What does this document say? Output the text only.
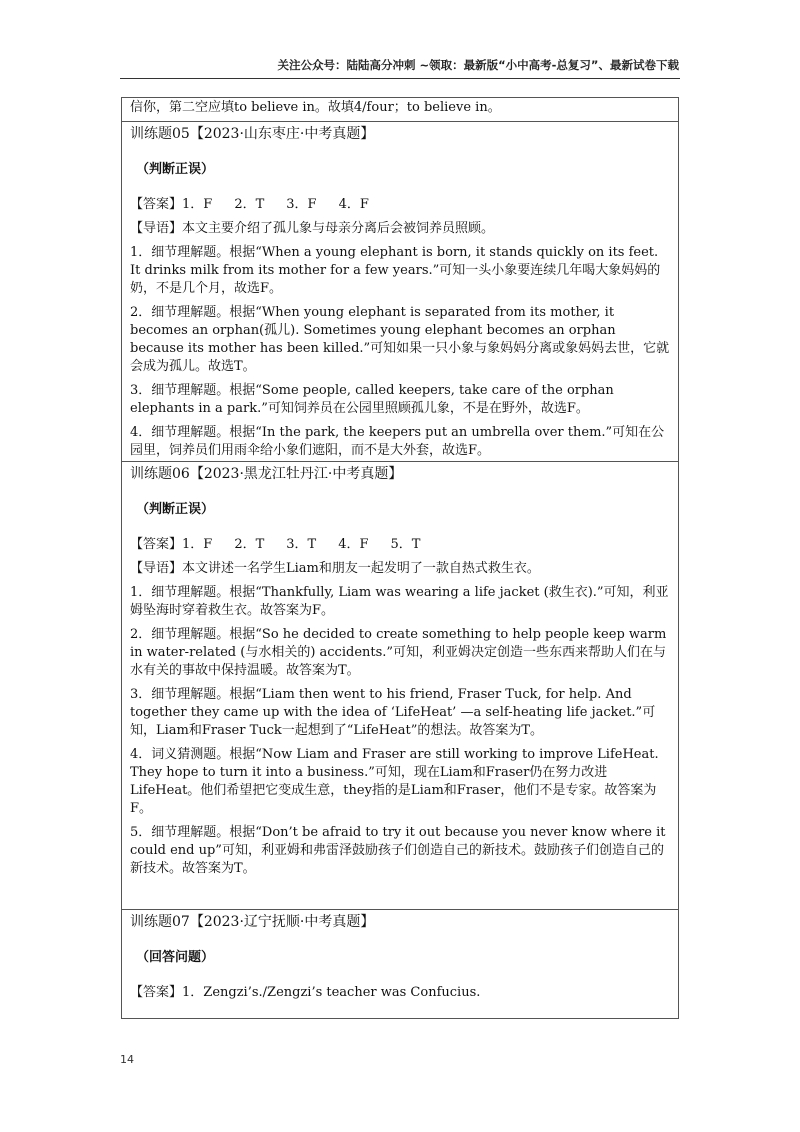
关注公众号：陆陆高分冲刺 ~领取：最新版“小中高考-总复习”、最新试卷下载

信你，第二空应填to believe in。故填4/four；to believe in。

训练题05【2023·山东枣庄·中考真题】
（判断正误）
【答案】1．F 2．T 3．F 4．F

【导语】本文主要介绍了孤儿象与母亲分离后会被饲养员照顾。

1．细节理解题。根据“When a young elephant is born, it stands quickly on its feet. It drinks milk from its mother for a few years.”可知一头小象要连续几年喝大象妈妈的奶，不是几个月，故选F。

2．细节理解题。根据“When young elephant is separated from its mother, it becomes an orphan(孤儿). Sometimes young elephant becomes an orphan because its mother has been killed.”可知如果一只小象与象妈妈分离或象妈妈去世，它就会成为孤儿。故选T。

3．细节理解题。根据“Some people, called keepers, take care of the orphan elephants in a park.”可知饲养员在公园里照顾孤儿象，不是在野外，故选F。

4．细节理解题。根据“In the park, the keepers put an umbrella over them.”可知在公园里，饲养员们用雨伞给小象们遮阳，而不是大外套，故选F。

训练题06【2023·黑龙江牡丹江·中考真题】
（判断正误）
【答案】1．F 2．T 3．T 4．F 5．T

【导语】本文讲述一名学生Liam和朋友一起发明了一款自热式救生衣。

1．细节理解题。根据“Thankfully, Liam was wearing a life jacket (救生衣).”可知，利亚姆坠海时穿着救生衣。故答案为F。

2．细节理解题。根据“So he decided to create something to help people keep warm in water-related (与水相关的) accidents.”可知，利亚姆决定创造一些东西来帮助人们在与水有关的事故中保持温暖。故答案为T。

3．细节理解题。根据“Liam then went to his friend, Fraser Tuck, for help. And together they came up with the idea of ‘LifeHeat’ —a self-heating life jacket.”可知，Liam和Fraser Tuck一起想到了“LifeHeat”的想法。故答案为T。

4．词义猜测题。根据“Now Liam and Fraser are still working to improve LifeHeat. They hope to turn it into a business.”可知，现在Liam和Fraser仍在努力改进LifeHeat。他们希望把它变成生意，they指的是Liam和Fraser，他们不是专家。故答案为F。

5．细节理解题。根据“Don’t be afraid to try it out because you never know where it could end up”可知，利亚姆和弗雷泽鼓励孩子们创造自己的新技术。鼓励孩子们创造自己的新技术。故答案为T。

训练题07【2023·辽宁抚顺·中考真题】
（回答问题）
【答案】1．Zengzi’s./Zengzi’s teacher was Confucius.
14
